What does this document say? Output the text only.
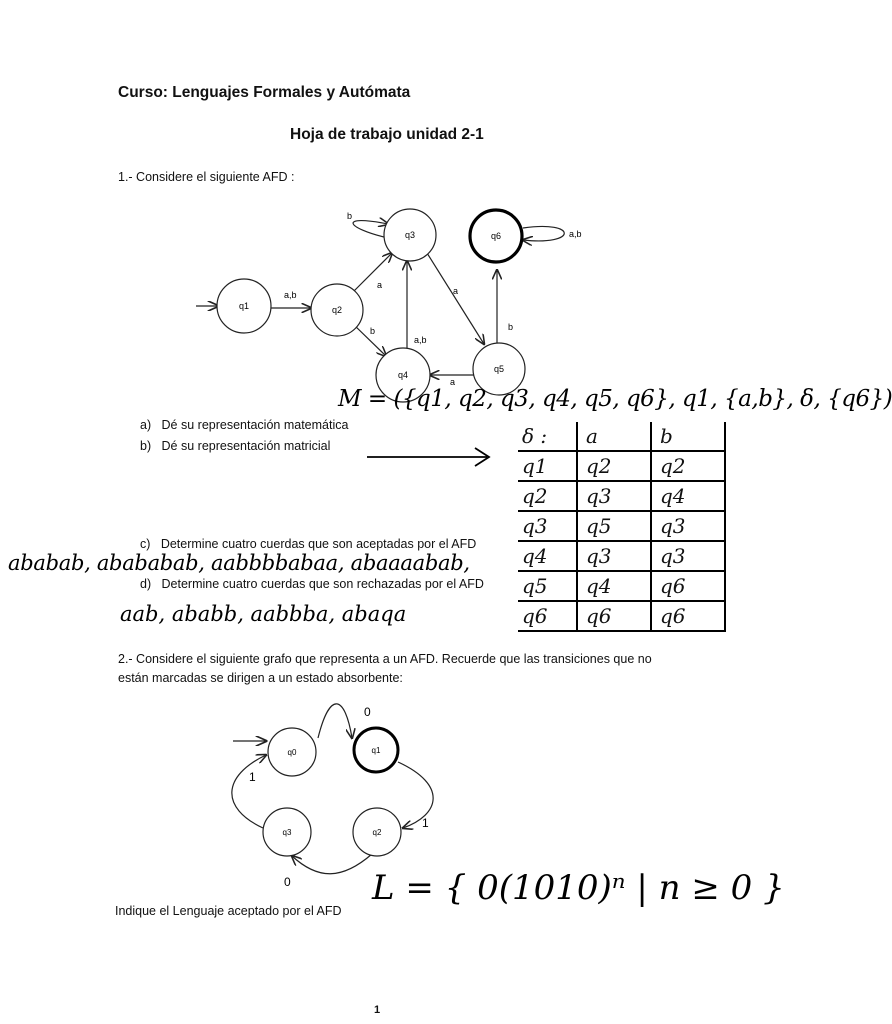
Curso: Lenguajes Formales y Autómata
Hoja de trabajo unidad 2-1
1.- Considere el siguiente AFD :
q1	q2
q3
q4
q5
q6
a,b
b
a,b
a
a
b
a,b
b
a
M = ({q1, q2, q3, q4, q5, q6}, q1, {a,b}, δ, {q6})
a)   Dé su representación matemática
b)   Dé su representación matricial	δ :	a	b
q1	q2	q2
q2	q3	q4
q3	q5	q3
q4	q3	q3
q5	q4	q6
q6	q6	q6
c)   Determine cuatro cuerdas que son aceptadas por el AFD
ababab, abababab, aabbbbabaa, abaaaabab,
d)   Determine cuatro cuerdas que son rechazadas por el AFD
aab, ababb, aabbba, abaqa
2.- Considere el siguiente grafo que representa a un AFD. Recuerde que las transiciones que no
están marcadas se dirigen a un estado absorbente:
q0	q1
q2
q3
0
1
0
1
Indique el Lenguaje aceptado por el AFD
L = { 0(1010)ⁿ | n ≥ 0 }
1
